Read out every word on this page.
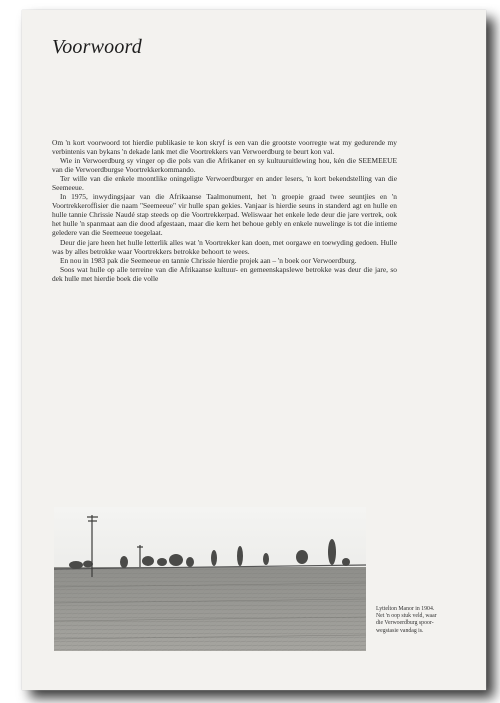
Voorwoord

Om 'n kort voorwoord tot hierdie publikasie te kon skryf is een van die grootste voorregte wat my gedurende my verbintenis van bykans 'n dekade lank met die Voortrekkers van Verwoerdburg te beurt kon val.

Wie in Verwoerdburg sy vinger op die pols van die Afrikaner en sy kultuuruitlewing hou, kén die SEEMEEUE van die Verwoerdburgse Voortrekkerkommando.

Ter wille van die enkele moontlike oningeligte Verwoerdburger en ander lesers, 'n kort bekendstelling van die Seemeeue.

In 1975, inwydingsjaar van die Afrikaanse Taalmonument, het 'n groepie graad twee seuntjies en 'n Voortrekkeroffisier die naam "Seemeeue" vir hulle span gekies. Vanjaar is hierdie seuns in standerd agt en hulle en hulle tannie Chrissie Naudé stap steeds op die Voortrekkerpad. Weliswaar het enkele lede deur die jare vertrek, ook het hulle 'n spanmaat aan die dood afgestaan, maar die kern het behoue gebly en enkele nuwelinge is tot die intieme geledere van die Seemeeue toegelaat.

Deur die jare heen het hulle letterlik alles wat 'n Voortrekker kan doen, met oorgawe en toewyding gedoen. Hulle was by alles betrokke waar Voortrekkers betrokke behoort te wees.

En nou in 1983 pak die Seemeeue en tannie Chrissie hierdie projek aan – 'n boek oor Verwoerdburg.

Soos wat hulle op alle terreine van die Afrikaanse kultuur- en gemeenskapslewe betrokke was deur die jare, so dek hulle met hierdie boek die volle

Lyttelton Manor in 1904.
Net 'n oop stuk veld, waar
die Verwoerdburg spoor-
wegstasie vandag is.
